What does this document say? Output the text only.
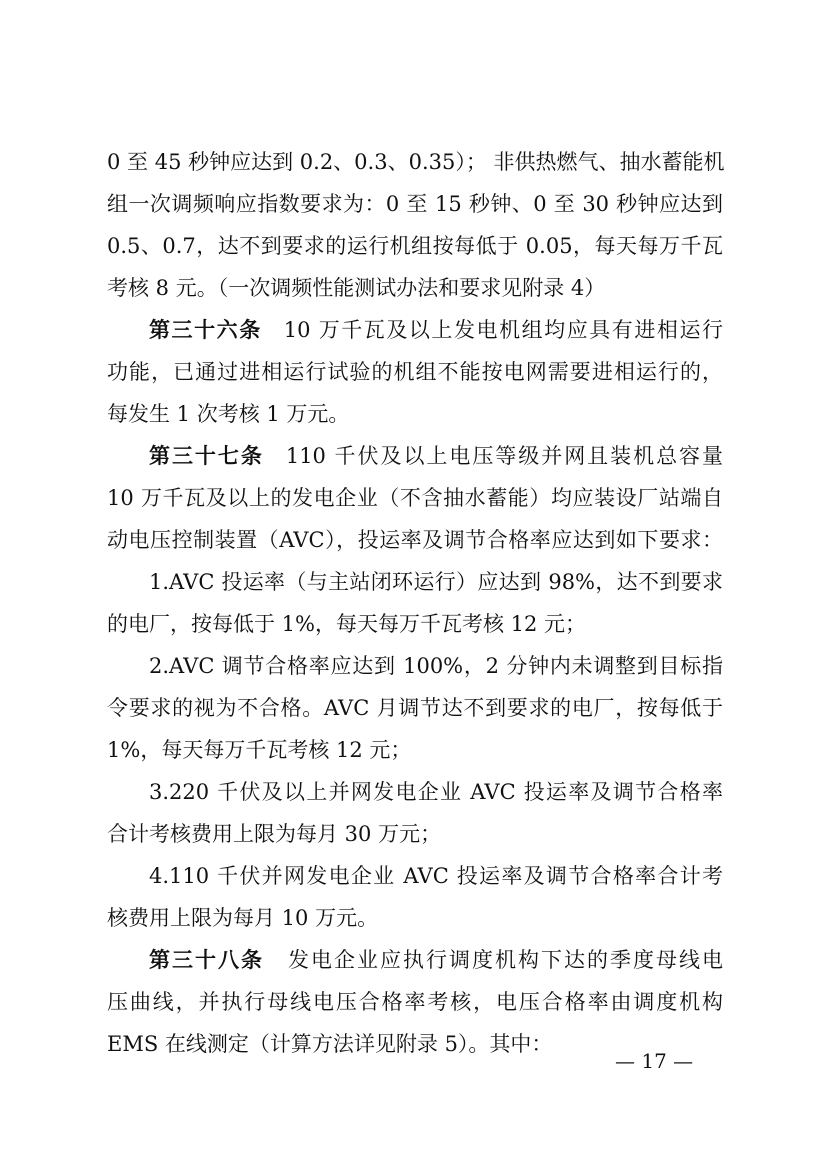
0 至 45 秒钟应达到 0.2、0.3、0.35）； 非供热燃气、抽水蓄能机
组一次调频响应指数要求为：0 至 15 秒钟、0 至 30 秒钟应达到
0.5、0.7，达不到要求的运行机组按每低于 0.05，每天每万千瓦
考核 8 元。（一次调频性能测试办法和要求见附录 4）
第三十六条 10 万千瓦及以上发电机组均应具有进相运行
功能，已通过进相运行试验的机组不能按电网需要进相运行的，
每发生 1 次考核 1 万元。
第三十七条 110 千伏及以上电压等级并网且装机总容量
10 万千瓦及以上的发电企业（不含抽水蓄能）均应装设厂站端自
动电压控制装置（AVC），投运率及调节合格率应达到如下要求：
1.AVC 投运率（与主站闭环运行）应达到 98%，达不到要求
的电厂，按每低于 1%，每天每万千瓦考核 12 元；
2.AVC 调节合格率应达到 100%，2 分钟内未调整到目标指
令要求的视为不合格。AVC 月调节达不到要求的电厂，按每低于
1%，每天每万千瓦考核 12 元；
3.220 千伏及以上并网发电企业 AVC 投运率及调节合格率
合计考核费用上限为每月 30 万元；
4.110 千伏并网发电企业 AVC 投运率及调节合格率合计考
核费用上限为每月 10 万元。
第三十八条 发电企业应执行调度机构下达的季度母线电
压曲线，并执行母线电压合格率考核，电压合格率由调度机构
EMS 在线测定（计算方法详见附录 5）。其中：
— 17 —
